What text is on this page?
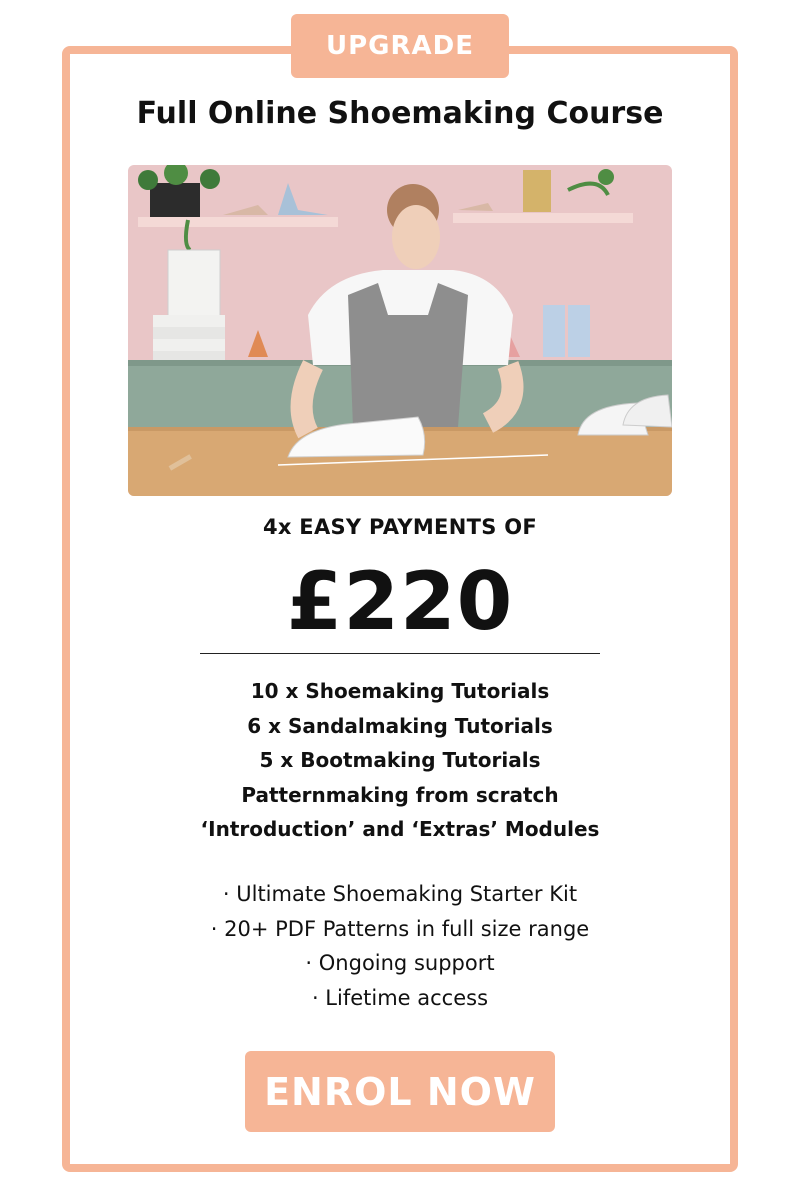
UPGRADE
Full Online Shoemaking Course
4x EASY PAYMENTS OF
£220
10 x Shoemaking Tutorials
6 x Sandalmaking Tutorials
5 x Bootmaking Tutorials
Patternmaking from scratch
‘Introduction’ and ‘Extras’ Modules
· Ultimate Shoemaking Starter Kit
· 20+ PDF Patterns in full size range
· Ongoing support
· Lifetime access
ENROL NOW
